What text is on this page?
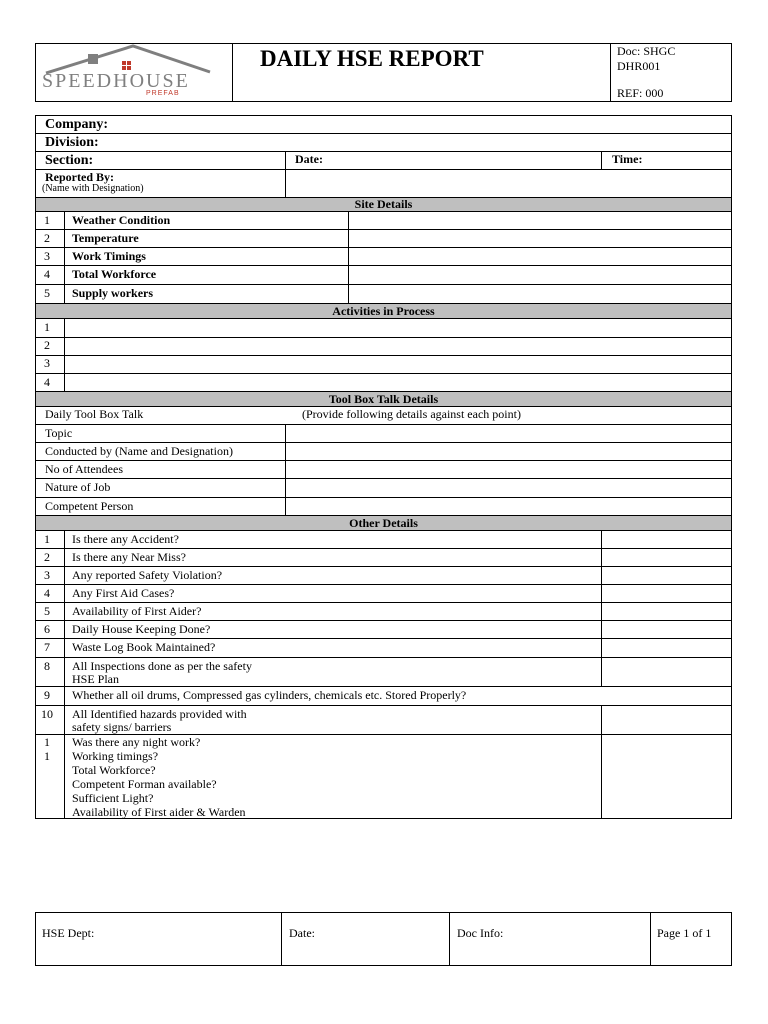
SPEEDHOUSE
PREFAB
DAILY HSE REPORT	Doc: SHGC
DHR001
REF: 000
Company:
Division:
Section:	Date:	Time:
Reported By:
(Name with Designation)
Site Details
1 Weather Condition
2 Temperature
3 Work Timings
4 Total Workforce
5 Supply workers
Activities in Process
1
2
3
4
Tool Box Talk Details
Daily Tool Box Talk	(Provide following details against each point)
Topic
Conducted by (Name and Designation)
No of Attendees
Nature of Job
Competent Person
Other Details
1 Is there any Accident?
2 Is there any Near Miss?
3 Any reported Safety Violation?
4 Any First Aid Cases?
5 Availability of First Aider?
6 Daily House Keeping Done?
7 Waste Log Book Maintained?
8 All Inspections done as per the safety
HSE Plan
9 Whether all oil drums, Compressed gas cylinders, chemicals etc. Stored Properly?
10 All Identified hazards provided with
safety signs/ barriers
1
1
Was there any night work?
Working timings?
Total Workforce?
Competent Forman available?
Sufficient Light?
Availability of First aider & Warden
HSE Dept:	Date:	Doc Info:	Page 1 of 1
